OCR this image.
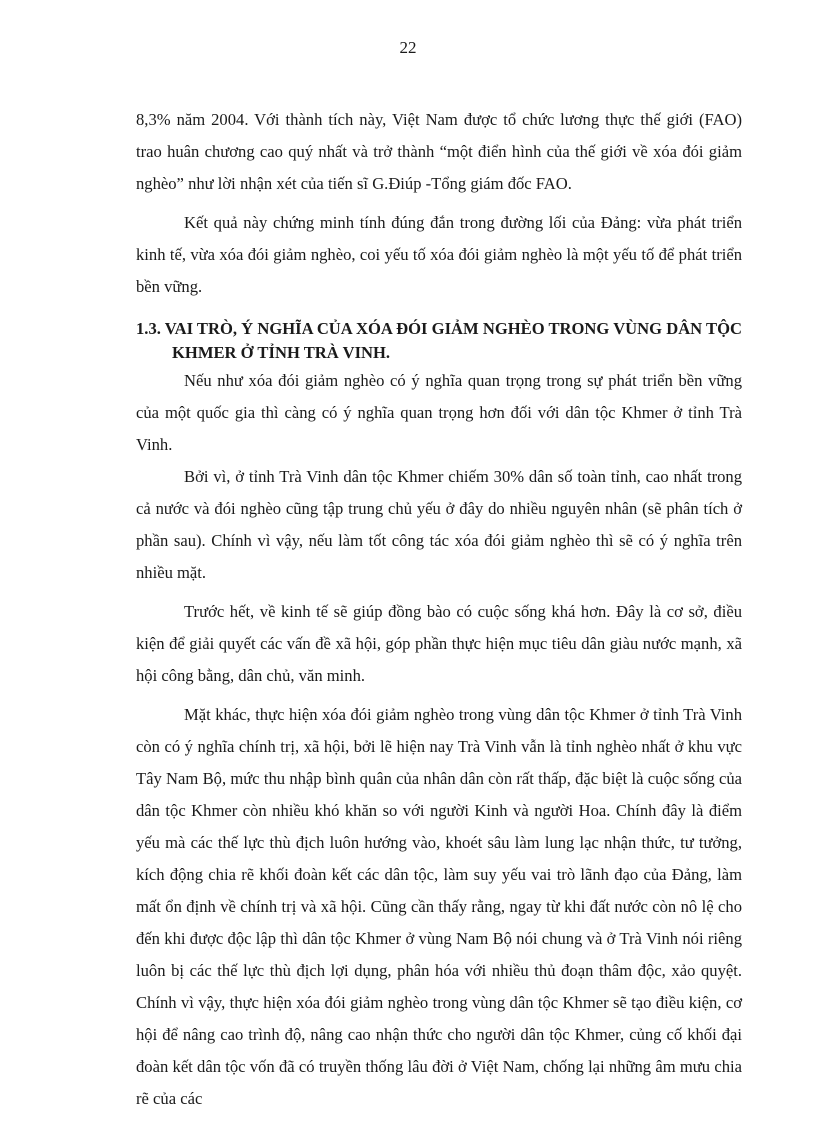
22

8,3% năm 2004. Với thành tích này, Việt Nam được tổ chức lương thực thế giới (FAO) trao huân chương cao quý nhất và trở thành “một điển hình của thế giới về xóa đói giảm nghèo” như lời nhận xét của tiến sĩ G.Điúp -Tổng giám đốc FAO.

Kết quả này chứng minh tính đúng đắn trong đường lối của Đảng: vừa phát triển kinh tế, vừa xóa đói giảm nghèo, coi yếu tố xóa đói giảm nghèo là một yếu tố để phát triển bền vững.

1.3. VAI TRÒ, Ý NGHĨA CỦA XÓA ĐÓI GIẢM NGHÈO TRONG VÙNG DÂN TỘC KHMER Ở TỈNH TRÀ VINH.

Nếu như xóa đói giảm nghèo có ý nghĩa quan trọng trong sự phát triển bền vững của một quốc gia thì càng có ý nghĩa quan trọng hơn đối với dân tộc Khmer ở tỉnh Trà Vinh.

Bởi vì, ở tỉnh Trà Vinh dân tộc Khmer chiếm 30% dân số toàn tỉnh, cao nhất trong cả nước và đói nghèo cũng tập trung chủ yếu ở đây do nhiều nguyên nhân (sẽ phân tích ở phần sau). Chính vì vậy, nếu làm tốt công tác xóa đói giảm nghèo thì sẽ có ý nghĩa trên nhiều mặt.

Trước hết, về kinh tế sẽ giúp đồng bào có cuộc sống khá hơn. Đây là cơ sở, điều kiện để giải quyết các vấn đề xã hội, góp phần thực hiện mục tiêu dân giàu nước mạnh, xã hội công bằng, dân chủ, văn minh.

Mặt khác, thực hiện xóa đói giảm nghèo trong vùng dân tộc Khmer ở tỉnh Trà Vinh còn có ý nghĩa chính trị, xã hội, bởi lẽ hiện nay Trà Vinh vẫn là tỉnh nghèo nhất ở khu vực Tây Nam Bộ, mức thu nhập bình quân của nhân dân còn rất thấp, đặc biệt là cuộc sống của dân tộc Khmer còn nhiều khó khăn so với người Kinh và người Hoa. Chính đây là điểm yếu mà các thế lực thù địch luôn hướng vào, khoét sâu làm lung lạc nhận thức, tư tưởng, kích động chia rẽ khối đoàn kết các dân tộc, làm suy yếu vai trò lãnh đạo của Đảng, làm mất ổn định về chính trị và xã hội. Cũng cần thấy rằng, ngay từ khi đất nước còn nô lệ cho đến khi được độc lập thì dân tộc Khmer ở vùng Nam Bộ nói chung và ở Trà Vinh nói riêng luôn bị các thế lực thù địch lợi dụng, phân hóa với nhiều thủ đoạn thâm độc, xảo quyệt. Chính vì vậy, thực hiện xóa đói giảm nghèo trong vùng dân tộc Khmer sẽ tạo điều kiện, cơ hội để nâng cao trình độ, nâng cao nhận thức cho người dân tộc Khmer, củng cố khối đại đoàn kết dân tộc vốn đã có truyền thống lâu đời ở Việt Nam, chống lại những âm mưu chia rẽ của các
